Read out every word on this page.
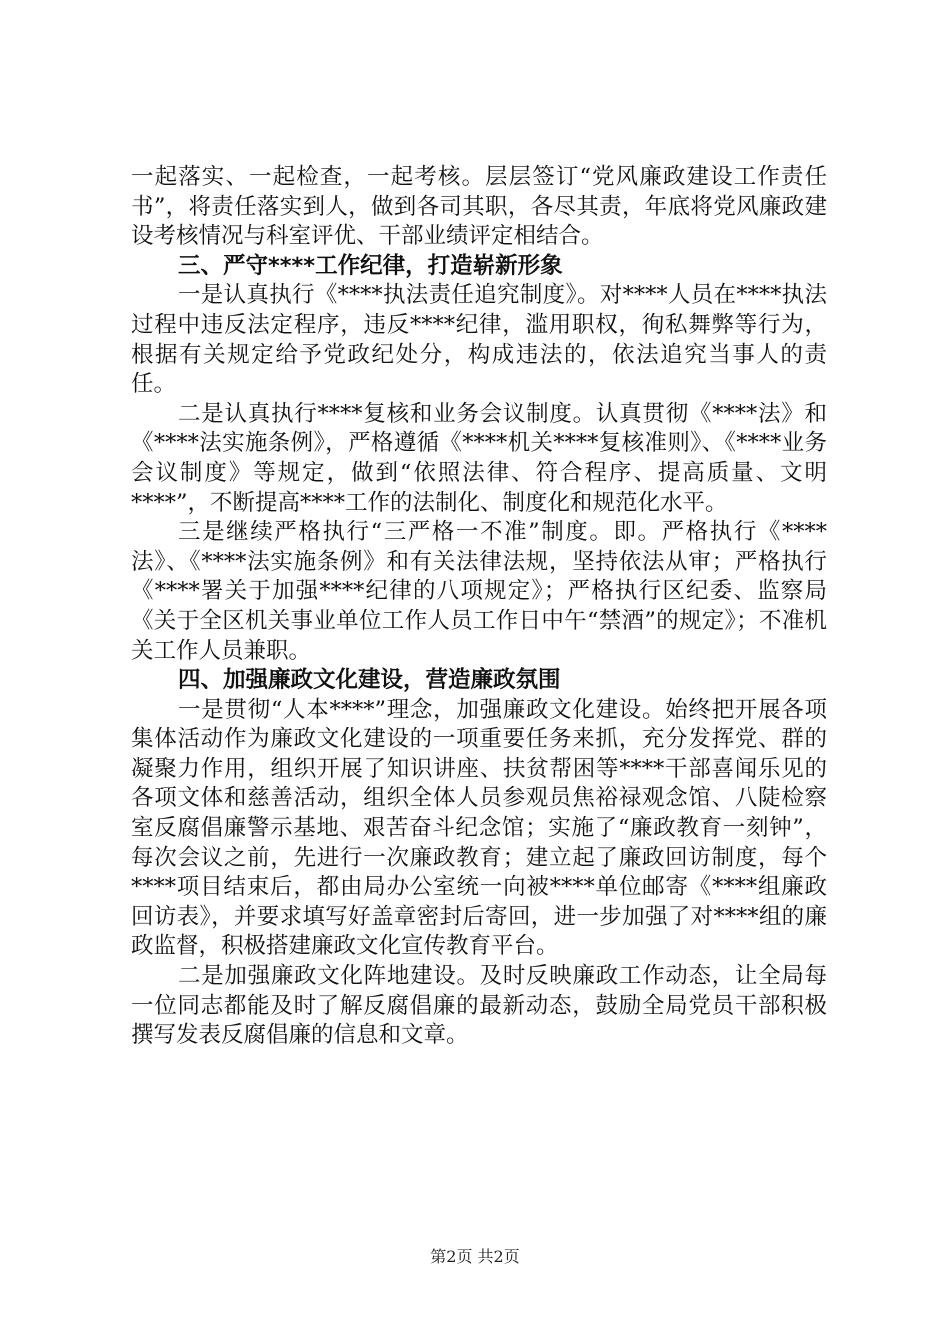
一起落实、一起检查，一起考核。层层签订“党风廉政建设工作责任书”，将责任落实到人，做到各司其职，各尽其责，年底将党风廉政建设考核情况与科室评优、干部业绩评定相结合。

三、严守****工作纪律，打造崭新形象

一是认真执行《****执法责任追究制度》。对****人员在****执法过程中违反法定程序，违反****纪律，滥用职权，徇私舞弊等行为，根据有关规定给予党政纪处分，构成违法的，依法追究当事人的责任。

二是认真执行****复核和业务会议制度。认真贯彻《****法》和《****法实施条例》，严格遵循《****机关****复核准则》、《****业务会议制度》等规定，做到“依照法律、符合程序、提高质量、文明****”，不断提高****工作的法制化、制度化和规范化水平。

三是继续严格执行“三严格一不准”制度。即。严格执行《****法》、《****法实施条例》和有关法律法规，坚持依法从审；严格执行《****署关于加强****纪律的八项规定》；严格执行区纪委、监察局《关于全区机关事业单位工作人员工作日中午“禁酒”的规定》；不准机关工作人员兼职。

四、加强廉政文化建设，营造廉政氛围

一是贯彻“人本****”理念，加强廉政文化建设。始终把开展各项集体活动作为廉政文化建设的一项重要任务来抓，充分发挥党、群的凝聚力作用，组织开展了知识讲座、扶贫帮困等****干部喜闻乐见的各项文体和慈善活动，组织全体人员参观员焦裕禄观念馆、八陡检察室反腐倡廉警示基地、艰苦奋斗纪念馆；实施了“廉政教育一刻钟”，每次会议之前，先进行一次廉政教育；建立起了廉政回访制度，每个****项目结束后，都由局办公室统一向被****单位邮寄《****组廉政回访表》，并要求填写好盖章密封后寄回，进一步加强了对****组的廉政监督，积极搭建廉政文化宣传教育平台。

二是加强廉政文化阵地建设。及时反映廉政工作动态，让全局每一位同志都能及时了解反腐倡廉的最新动态，鼓励全局党员干部积极撰写发表反腐倡廉的信息和文章。

第2页 共2页
